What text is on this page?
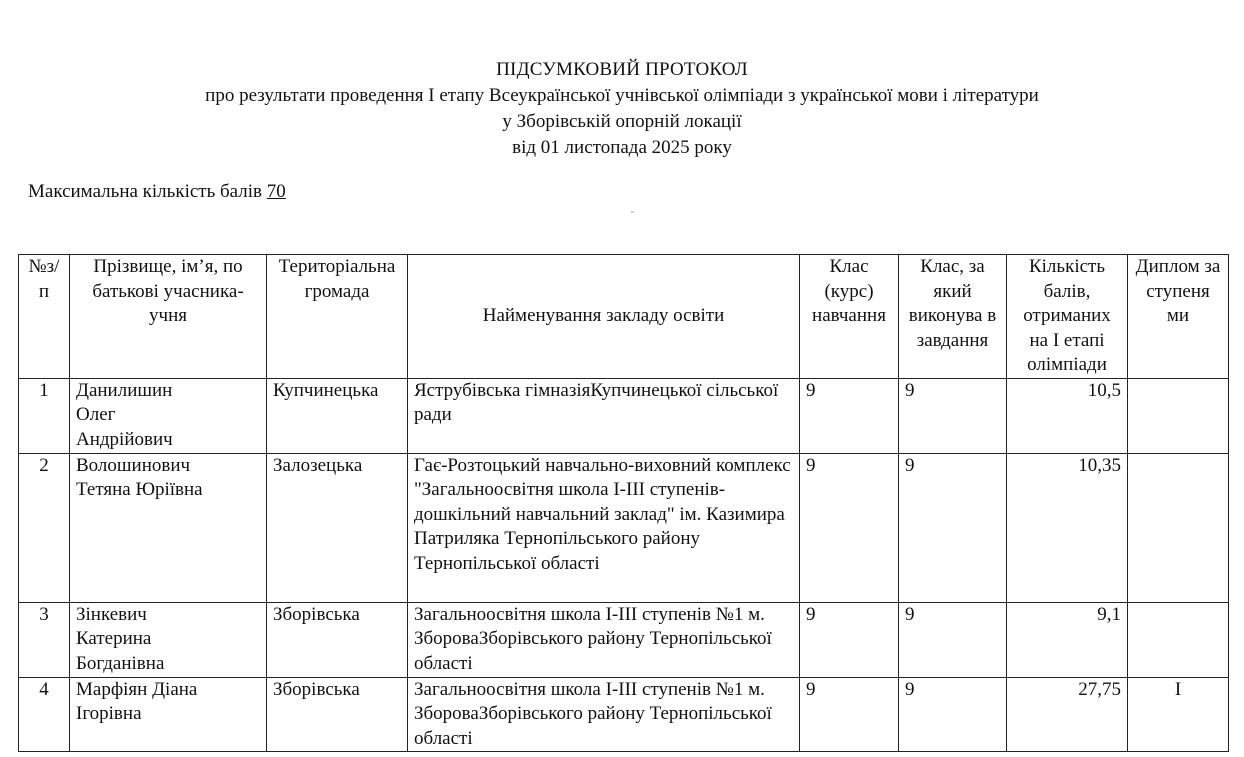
ПІДСУМКОВИЙ ПРОТОКОЛ
про результати проведення І етапу Всеукраїнської учнівської олімпіади з української мови і літератури
у Зборівській опорній локації
від 01 листопада 2025 року
Максимальна кількість балів 70
№з/п	Прізвище, ім’я, по батькові учасника-учня	Територіальна громада	Найменування закладу освіти	Клас (курс) навчання	Клас, за який виконува в завдання	Кількість балів, отриманих на І етапі олімпіади	Диплом за ступеня ми
1	Данилишин Олег Андрійович	Купчинецька	Яструбівська гімназіяКупчинецької сільської ради	9	9	10,5	
2	Волошинович Тетяна Юріївна	Залозецька	Гає-Розтоцький навчально-виховний комплекс "Загальноосвітня школа І-ІІІ ступенів-дошкільний навчальний заклад" ім. Казимира Патриляка Тернопільського району Тернопільської області	9	9	10,35	
3	Зінкевич Катерина Богданівна	Зборівська	Загальноосвітня школа І-ІІІ ступенів №1 м. ЗбороваЗборівського району Тернопільської області	9	9	9,1	
4	Марфіян Діана Ігорівна	Зборівська	Загальноосвітня школа І-ІІІ ступенів №1 м. ЗбороваЗборівського району Тернопільської області	9	9	27,75	I
